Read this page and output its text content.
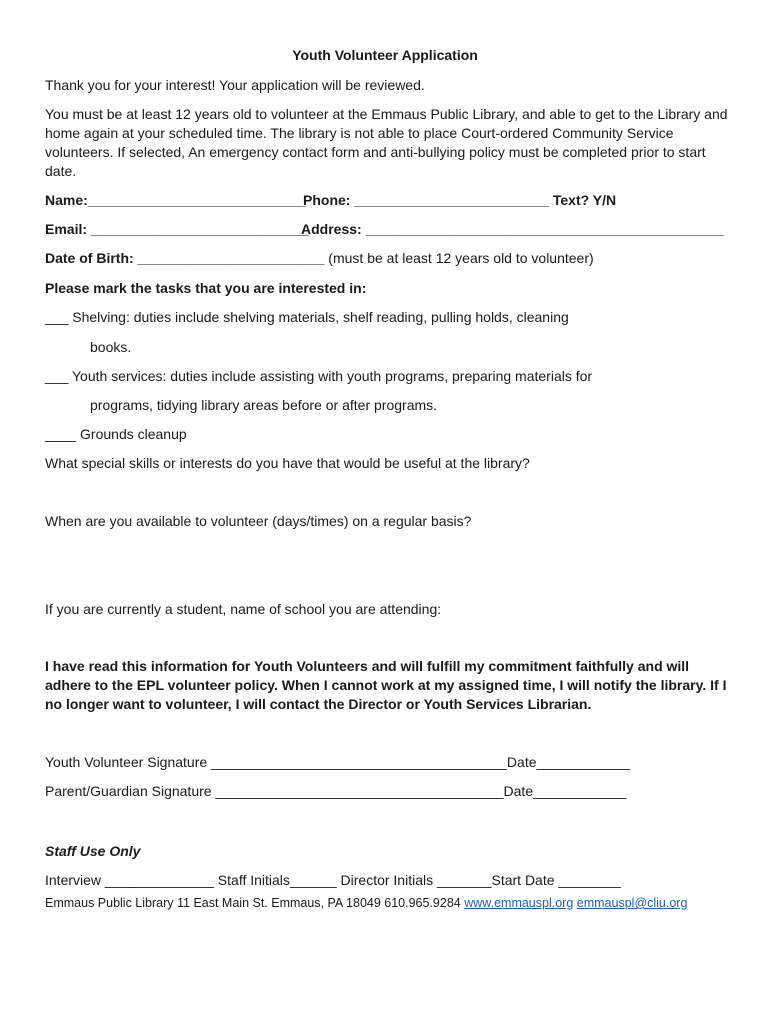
Youth Volunteer Application
Thank you for your interest! Your application will be reviewed.
You must be at least 12 years old to volunteer at the Emmaus Public Library, and able to get to the Library and home again at your scheduled time. The library is not able to place Court-ordered Community Service volunteers. If selected, An emergency contact form and anti-bullying policy must be completed prior to start date.
Name:____________________________
Phone: _________________________ Text? Y/N
Email: ____________________________
Address: ______________________________________________
Date of Birth: ________________________ (must be at least 12 years old to volunteer)
Please mark the tasks that you are interested in:
___ Shelving: duties include shelving materials, shelf reading, pulling holds, cleaning
books.
___ Youth services: duties include assisting with youth programs, preparing materials for
programs, tidying library areas before or after programs.
____ Grounds cleanup
What special skills or interests do you have that would be useful at the library?
When are you available to volunteer (days/times) on a regular basis?
If you are currently a student, name of school you are attending:
I have read this information for Youth Volunteers and will fulfill my commitment faithfully and will adhere to the EPL volunteer policy. When I cannot work at my assigned time, I will notify the library. If I no longer want to volunteer, I will contact the Director or Youth Services Librarian.
Youth Volunteer Signature ______________________________________Date____________
Parent/Guardian Signature _____________________________________Date____________
Staff Use Only
Interview ______________ Staff Initials______ Director Initials _______Start Date ________
Emmaus Public Library 11 East Main St. Emmaus, PA 18049 610.965.9284 www.emmauspl.org emmauspl@cliu.org
